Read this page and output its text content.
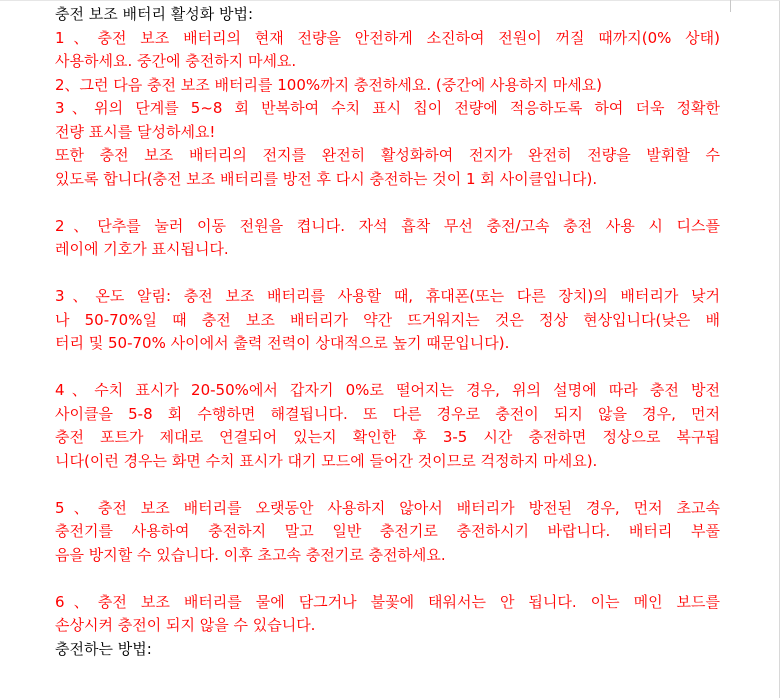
충전 보조 배터리 활성화 방법:
1、충전 보조 배터리의 현재 전량을 안전하게 소진하여 전원이 꺼질 때까지(0% 상태)
사용하세요. 중간에 충전하지 마세요.
2、그런 다음 충전 보조 배터리를 100%까지 충전하세요. (중간에 사용하지 마세요)
3、위의 단계를 5~8 회 반복하여 수치 표시 칩이 전량에 적응하도록 하여 더욱 정확한
전량 표시를 달성하세요!
또한 충전 보조 배터리의 전지를 완전히 활성화하여 전지가 완전히 전량을 발휘할 수
있도록 합니다(충전 보조 배터리를 방전 후 다시 충전하는 것이 1 회 사이클입니다).
2、단추를 눌러 이동 전원을 켭니다. 자석 흡착 무선 충전/고속 충전 사용 시 디스플
레이에 기호가 표시됩니다.
3、온도 알림: 충전 보조 배터리를 사용할 때, 휴대폰(또는 다른 장치)의 배터리가 낮거
나 50-70%일 때 충전 보조 배터리가 약간 뜨거워지는 것은 정상 현상입니다(낮은 배
터리 및 50-70% 사이에서 출력 전력이 상대적으로 높기 때문입니다).
4、수치 표시가 20-50%에서 갑자기 0%로 떨어지는 경우, 위의 설명에 따라 충전 방전
사이클을 5-8 회 수행하면 해결됩니다. 또 다른 경우로 충전이 되지 않을 경우, 먼저
충전 포트가 제대로 연결되어 있는지 확인한 후 3-5 시간 충전하면 정상으로 복구됩
니다(이런 경우는 화면 수치 표시가 대기 모드에 들어간 것이므로 걱정하지 마세요).
5、충전 보조 배터리를 오랫동안 사용하지 않아서 배터리가 방전된 경우, 먼저 초고속
충전기를 사용하여 충전하지 말고 일반 충전기로 충전하시기 바랍니다. 배터리 부풀
음을 방지할 수 있습니다. 이후 초고속 충전기로 충전하세요.
6、충전 보조 배터리를 물에 담그거나 불꽃에 태워서는 안 됩니다. 이는 메인 보드를
손상시켜 충전이 되지 않을 수 있습니다.
충전하는 방법:
